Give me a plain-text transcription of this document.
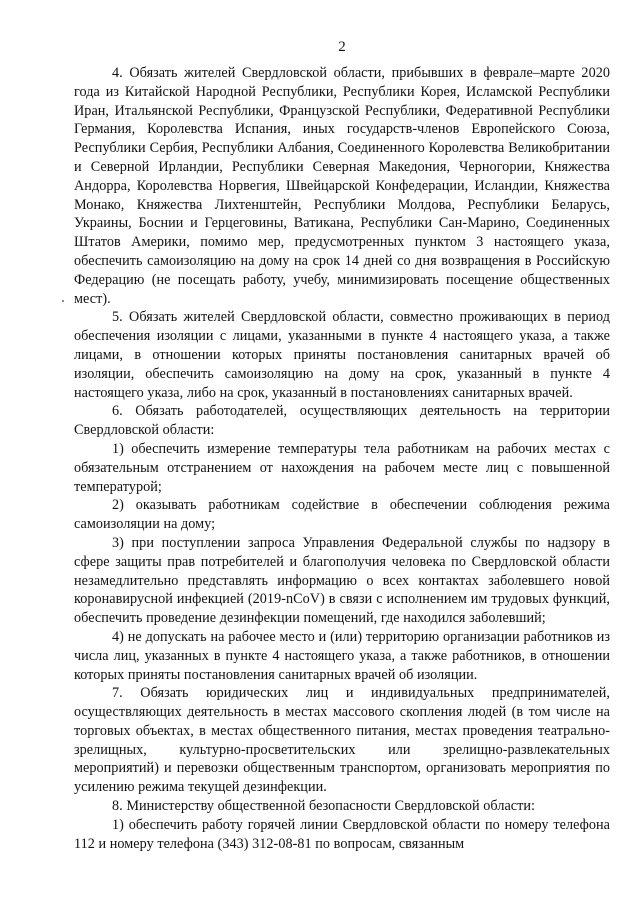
2

4. Обязать жителей Свердловской области, прибывших в феврале–марте 2020 года из Китайской Народной Республики, Республики Корея, Исламской Республики Иран, Итальянской Республики, Французской Республики, Федеративной Республики Германия, Королевства Испания, иных государств-членов Европейского Союза, Республики Сербия, Республики Албания, Соединенного Королевства Великобритании и Северной Ирландии, Республики Северная Македония, Черногории, Княжества Андорра, Королевства Норвегия, Швейцарской Конфедерации, Исландии, Княжества Монако, Княжества Лихтенштейн, Республики Молдова, Республики Беларусь, Украины, Боснии и Герцеговины, Ватикана, Республики Сан-Марино, Соединенных Штатов Америки, помимо мер, предусмотренных пунктом 3 настоящего указа, обеспечить самоизоляцию на дому на срок 14 дней со дня возвращения в Российскую Федерацию (не посещать работу, учебу, минимизировать посещение общественных мест).

5. Обязать жителей Свердловской области, совместно проживающих в период обеспечения изоляции с лицами, указанными в пункте 4 настоящего указа, а также лицами, в отношении которых приняты постановления санитарных врачей об изоляции, обеспечить самоизоляцию на дому на срок, указанный в пункте 4 настоящего указа, либо на срок, указанный в постановлениях санитарных врачей.

6. Обязать работодателей, осуществляющих деятельность на территории Свердловской области:

1) обеспечить измерение температуры тела работникам на рабочих местах с обязательным отстранением от нахождения на рабочем месте лиц с повышенной температурой;

2) оказывать работникам содействие в обеспечении соблюдения режима самоизоляции на дому;

3) при поступлении запроса Управления Федеральной службы по надзору в сфере защиты прав потребителей и благополучия человека по Свердловской области незамедлительно представлять информацию о всех контактах заболевшего новой коронавирусной инфекцией (2019-nCoV) в связи с исполнением им трудовых функций, обеспечить проведение дезинфекции помещений, где находился заболевший;

4) не допускать на рабочее место и (или) территорию организации работников из числа лиц, указанных в пункте 4 настоящего указа, а также работников, в отношении которых приняты постановления санитарных врачей об изоляции.

7. Обязать юридических лиц и индивидуальных предпринимателей, осуществляющих деятельность в местах массового скопления людей (в том числе на торговых объектах, в местах общественного питания, местах проведения театрально-зрелищных, культурно-просветительских или зрелищно-развлекательных мероприятий) и перевозки общественным транспортом, организовать мероприятия по усилению режима текущей дезинфекции.

8. Министерству общественной безопасности Свердловской области:

1) обеспечить работу горячей линии Свердловской области по номеру телефона 112 и номеру телефона (343) 312-08-81 по вопросам, связанным
